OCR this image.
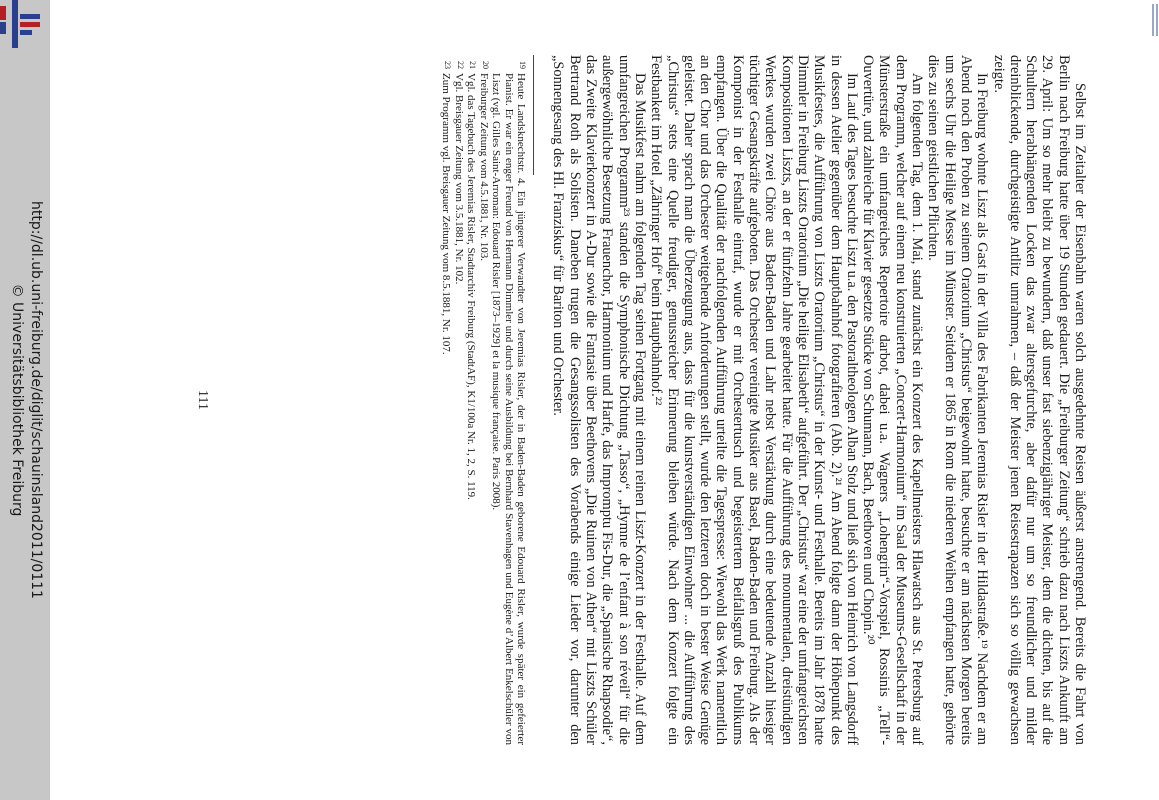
© Universitätsbibliothek Freiburg http://dl.ub.uni-freiburg.de/diglit/schauinsland2011/0111	Selbst im Zeitalter der Eisenbahn waren solch ausgedehnte Reisen äußerst anstrengend. Bereits die Fahrt von Berlin nach Freiburg hatte über 19 Stunden gedauert. Die „Freiburger Zeitung“ schrieb dazu nach Liszts Ankunft am 29. April: Um so mehr bleibt zu bewundern, daß unser fast siebenzigjähriger Meister, dem die dichten, bis auf die Schultern herabhängenden Locken das zwar altersgefurchte, aber dafür nur um so freundlicher und milder dreinblickende, durchgeistigte Antlitz umrahmen, – daß der Meister jenen Reisestrapazen sich so völlig gewachsen zeigte.

In Freiburg wohnte Liszt als Gast in der Villa des Fabrikanten Jeremias Risler in der Hildastraße.¹⁹ Nachdem er am Abend noch den Proben zu seinem Oratorium „Christus“ beigewohnt hatte, besuchte er am nächsten Morgen bereits um sechs Uhr die Heilige Messe im Münster. Seitdem er 1865 in Rom die niederen Weihen empfangen hatte, gehörte dies zu seinen geistlichen Pflichten.

Am folgenden Tag, dem 1. Mai, stand zunächst ein Konzert des Kapellmeisters Hlawatsch aus St. Petersburg auf dem Programm, welcher auf einem neu konstruierten „Concert-Harmonium“ im Saal der Museums-Gesellschaft in der Münsterstraße ein umfangreiches Repertoire darbot, dabei u.a. Wagners „Lohengrin“-Vorspiel, Rossinis „Tell“-Ouvertüre, und zahlreiche für Klavier gesetzte Stücke von Schumann, Bach, Beethoven und Chopin.²⁰

Im Lauf des Tages besuchte Liszt u.a. den Pastoraltheologen Alban Stolz und ließ sich von Heinrich von Langsdorff in dessen Atelier gegenüber dem Hauptbahnhof fotografieren (Abb. 2).²¹ Am Abend folgte dann der Höhepunkt des Musikfestes, die Aufführung von Liszts Oratorium „Christus“ in der Kunst- und Festhalle. Bereits im Jahr 1878 hatte Dimmler in Freiburg Liszts Oratorium „Die heilige Elisabeth“ aufgeführt. Der „Christus“ war eine der umfangreichsten Kompositionen Liszts, an der er fünfzehn Jahre gearbeitet hatte. Für die Aufführung des monumentalen, dreistündigen Werkes wurden zwei Chöre aus Baden-Baden und Lahr nebst Verstärkung durch eine bedeutende Anzahl hiesiger tüchtiger Gesangskräfte aufgeboten. Das Orchester vereinigte Musiker aus Basel, Baden-Baden und Freiburg. Als der Komponist in der Festhalle eintraf, wurde er mit Orchestertusch und begeistertem Beifallsgruß des Publikums empfangen. Über die Qualität der nachfolgenden Aufführung urteilte die Tagespresse: Wiewohl das Werk namentlich an den Chor und das Orchester weitgehende Anforderungen stellt, wurde den letzteren doch in bester Weise Genüge geleistet. Daher sprach man die Überzeugung aus, dass für die kunstverständigen Einwohner ... die Aufführung des „Christus“ stets eine Quelle freudiger, genussreicher Erinnerung bleiben würde. Nach dem Konzert folgte ein Festbankett im Hotel „Zähringer Hof“ beim Hauptbahnhof.²²

Das Musikfest nahm am folgenden Tag seinen Fortgang mit einem reinen Liszt-Konzert in der Festhalle. Auf dem umfangreichen Programm²³ standen die Symphonische Dichtung „Tasso“, „Hymne de l’enfant à son réveil“ für die außergewöhnliche Besetzung Frauenchor, Harmonium und Harfe, das Impromptu Fis-Dur, die „Spanische Rhapsodie“, das Zweite Klavierkonzert in A-Dur sowie die Fantasie über Beethovens „Die Ruinen von Athen“ mit Liszts Schüler Bertrand Roth als Solisten. Daneben trugen die Gesangssolisten des Vorabends einige Lieder vor, darunter den „Sonnengesang des Hl. Franziskus“ für Bariton und Orchester.

19
Heute Landsknechtstr. 4. Ein jüngerer Verwandter von Jeremias Risler, der in Baden-Baden geborene Edouard Risler, wurde später ein gefeierter Pianist. Er war ein enger Freund von Hermann Dimmler und durch seine Ausbildung bei Bernhard Stavenhagen und Eugène d’Albert Enkelschüler von Liszt (vgl. Gilles Saint-Arroman: Edouard Risler [1873–1929] et la musique française. Paris 2008).
20
Freiburger Zeitung vom 4.5.1881, Nr. 103.
21
Vgl. das Tagebuch des Jeremias Risler, Stadtarchiv Freiburg (StadtAF), K1/100a Nr. 1, 2, S. 119.
22
Vgl. Breisgauer Zeitung vom 3.5.1881, Nr. 102.
23
Zum Programm vgl. Breisgauer Zeitung vom 8.5.1881, Nr. 107.
111
